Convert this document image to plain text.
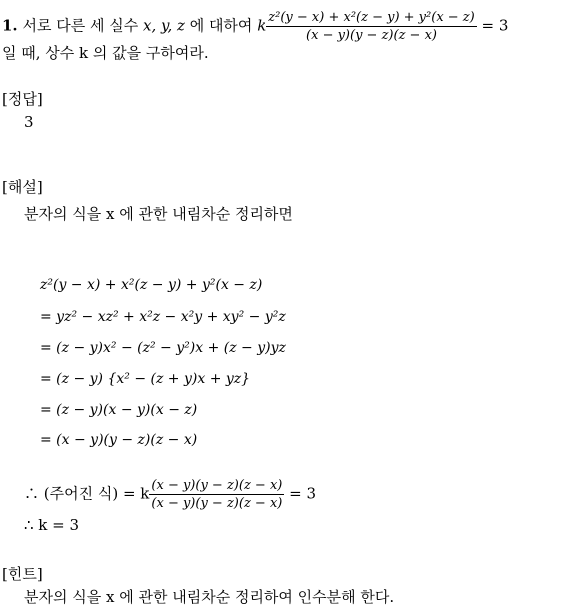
1. 서로 다른 세 실수 x, y, z 에 대하여 k $\frac{\text{z²(y − x) + x²(z − y) + y²(x − z)}}{(x - y)(y - z)(z - x)} = 3$
일 때, 상수 k 의 값을 구하여라.
[정답]
3
[해설]
분자의 식을 x 에 관한 내림차순 정리하면
z²(y − x) + x²(z − y) + y²(x − z)
= yz² − xz² + x²z − x²y + xy² − y²z
= (z − y)x² − (z² − y²)x + (z − y)yz
= (z − y) {x² − (z + y)x + yz}
= (z − y)(x − y)(x − z)
= (x − y)(y − z)(z − x)
∴ (주어진 식) = k $\frac{(x - y)(y - z)(z - x)}{(x - y)(y - z)(z - x)} = 3$
∴ k = 3
[힌트]
분자의 식을 x 에 관한 내림차순 정리하여 인수분해 한다.
